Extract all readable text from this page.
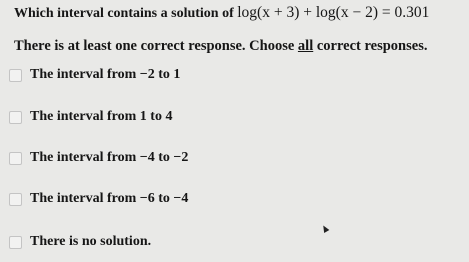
Which interval contains a solution of log(x + 3) + log(x − 2) = 0.301
There is at least one correct response. Choose all correct responses.
The interval from −2 to 1
The interval from 1 to 4
The interval from −4 to −2
The interval from −6 to −4
There is no solution.
